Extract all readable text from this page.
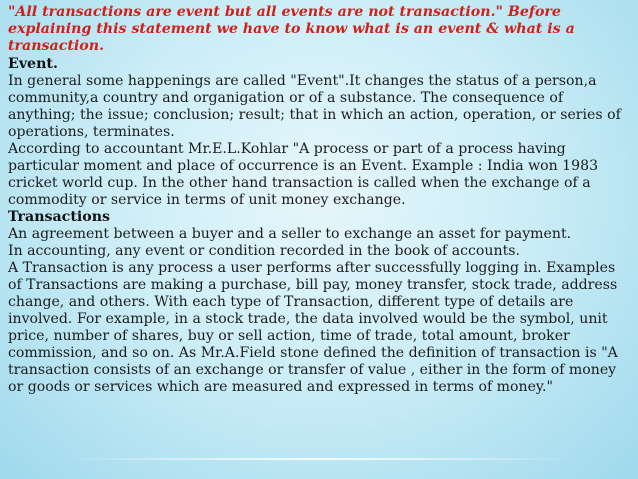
"All transactions are event but all events are not transaction." Before explaining this statement we have to know what is an event & what is a transaction.

Event.

In general some happenings are called "Event".It changes the status of a person,a community,a country and organigation or of a substance. The consequence of anything; the issue; conclusion; result; that in which an action, operation, or series of operations, terminates.

According to accountant Mr.E.L.Kohlar "A process or part of a process having particular moment and place of occurrence is an Event. Example : India won 1983 cricket world cup. In the other hand transaction is called when the exchange of a commodity or service in terms of unit money exchange.

Transactions

An agreement between a buyer and a seller to exchange an asset for payment.

In accounting, any event or condition recorded in the book of accounts.

A Transaction is any process a user performs after successfully logging in. Examples of Transactions are making a purchase, bill pay, money transfer, stock trade, address change, and others. With each type of Transaction, different type of details are involved. For example, in a stock trade, the data involved would be the symbol, unit price, number of shares, buy or sell action, time of trade, total amount, broker commission, and so on. As Mr.A.Field stone defined the definition of transaction is "A transaction consists of an exchange or transfer of value , either in the form of money or goods or services which are measured and expressed in terms of money."
